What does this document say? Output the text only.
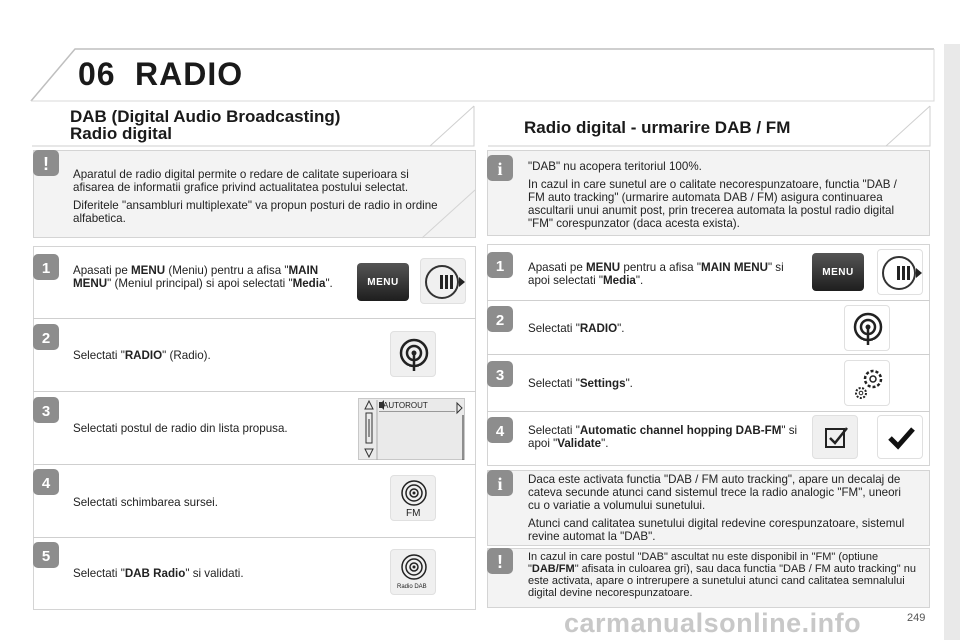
06 RADIO
DAB (Digital Audio Broadcasting)
Radio digital	Radio digital - urmarire DAB / FM
!

Aparatul de radio digital permite o redare de calitate superioara si afisarea de informatii grafice privind actualitatea postului selectat.

Diferitele "ansambluri multiplexate" va propun posturi de radio in ordine alfabetica.

1 Apasati pe MENU (Meniu) pentru a afisa "MAIN MENU" (Meniul principal) si apoi selectati "Media".	MENU
2
Selectati "RADIO" (Radio).
3
Selectati postul de radio din lista propusa.
AUTOROUT
4
Selectati schimbarea sursei.
FM
5
Selectati "DAB Radio" si validati.
Radio DAB
i "DAB" nu acopera teritoriul 100%.

In cazul in care sunetul are o calitate necorespunzatoare, functia "DAB / FM auto tracking" (urmarire automata DAB / FM) asigura continuarea ascultarii unui anumit post, prin trecerea automata la postul radio digital "FM" corespunzator (daca acesta exista).

1 Apasati pe MENU pentru a afisa "MAIN MENU" si apoi selectati "Media".
MENU
2 Selectati "RADIO".
3 Selectati "Settings".
4 Selectati "Automatic channel hopping DAB-FM" si apoi "Validate".
i Daca este activata functia "DAB / FM auto tracking", apare un decalaj de cateva secunde atunci cand sistemul trece la radio analogic "FM", uneori cu o variatie a volumului sunetului.

Atunci cand calitatea sunetului digital redevine corespunzatoare, sistemul revine automat la "DAB".

! In cazul in care postul "DAB" ascultat nu este disponibil in "FM" (optiune "DAB/FM" afisata in culoarea gri), sau daca functia "DAB / FM auto tracking" nu este activata, apare o intrerupere a sunetului atunci cand calitatea semnalului digital devine necorespunzatoare.
carmanualsonline.info	249
